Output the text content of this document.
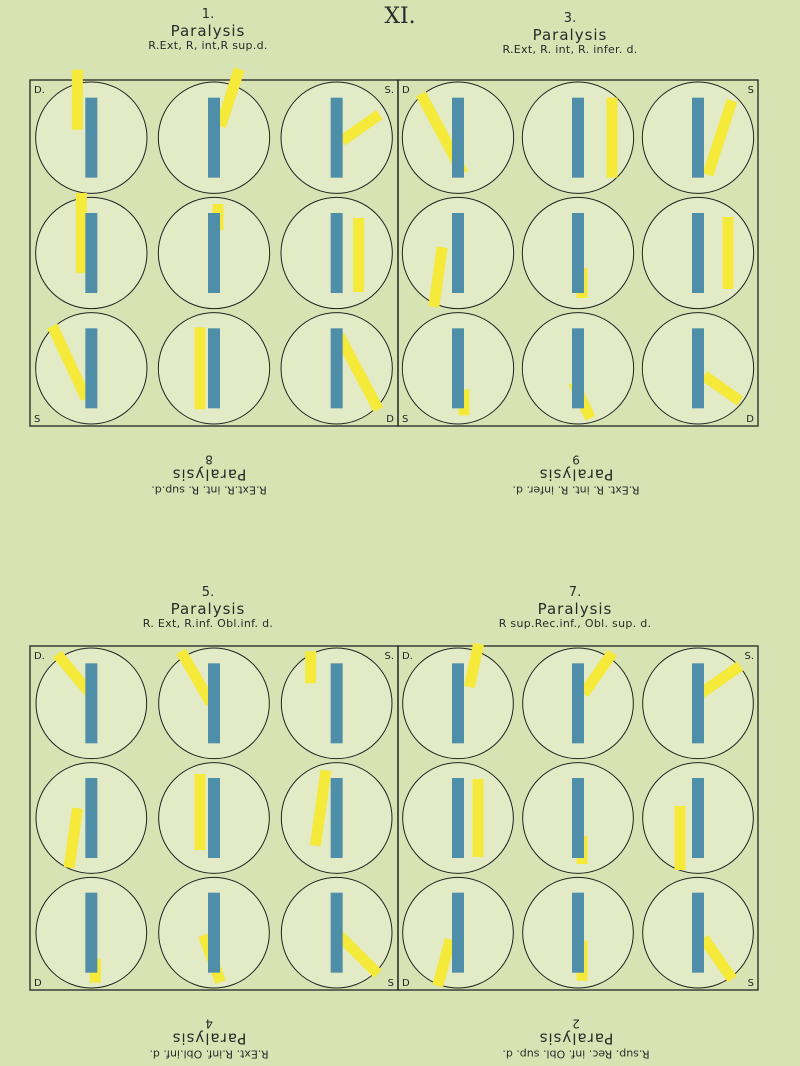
XI.
1.
Paralysis
R.Ext, R, int,R sup.d.
3.
Paralysis
R.Ext, R. int, R. infer. d.
5.
Paralysis
R. Ext, R.inf. Obl.inf. d.
7.
Paralysis
R sup.Rec.inf., Obl. sup. d.
R.Ext.R. int. R. sup.d.
Paralysis
8
R.Ext. R. int. R. infer. d.
Paralysis
9
R.Ext. R.inf. Obl.inf. d.
Paralysis
4
R.sup. Rec. inf. Obl. sup. d.
Paralysis
2
D.	S.
S	D
D	S
S	D
D.	S.
D	S
D.	S.
D	S
